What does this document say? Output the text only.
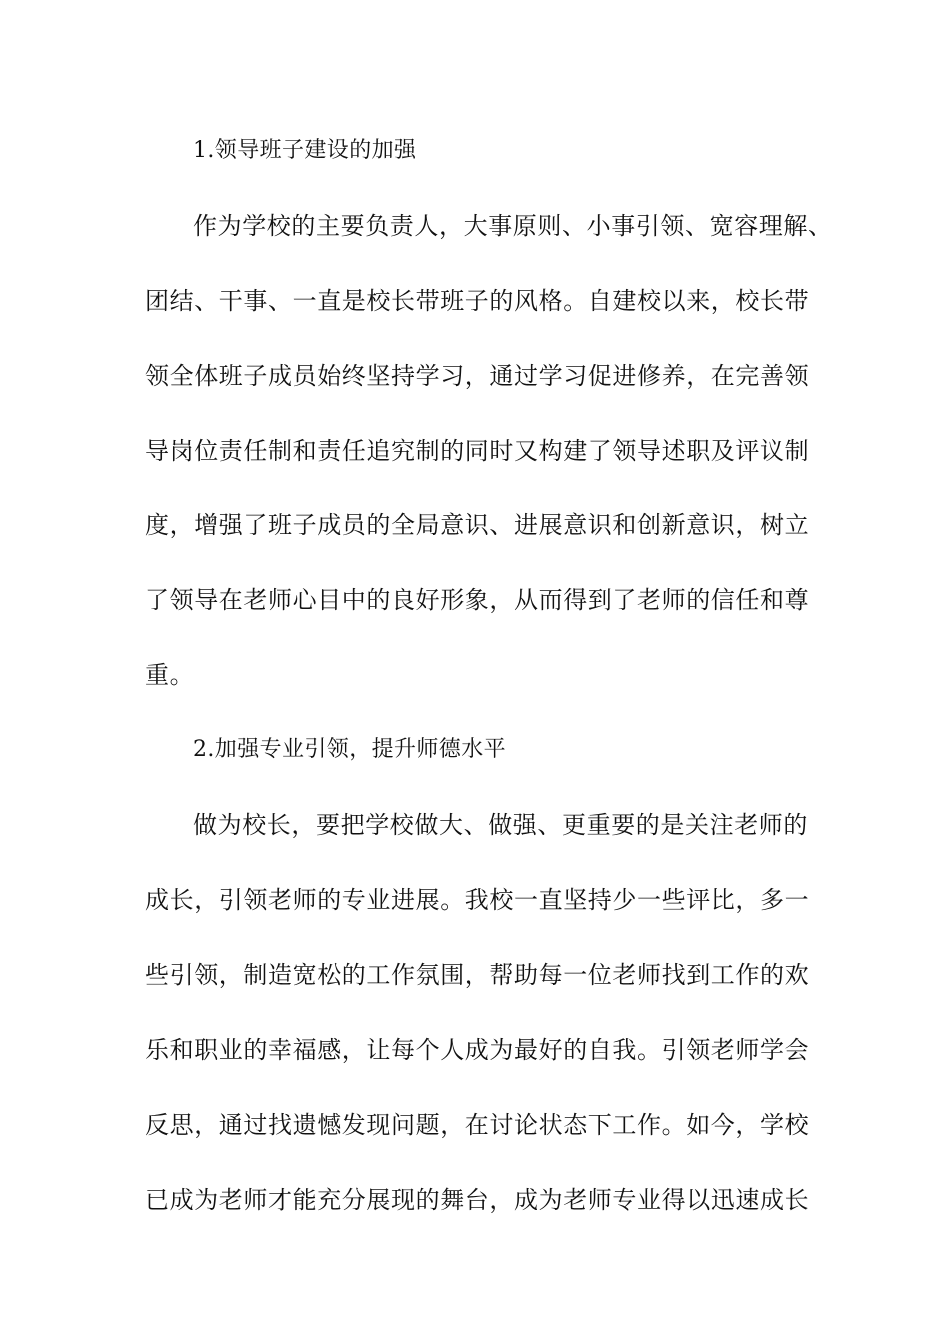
1.领导班子建设的加强
作为学校的主要负责人，大事原则、小事引领、宽容理解、
团结、干事、一直是校长带班子的风格。自建校以来，校长带
领全体班子成员始终坚持学习，通过学习促进修养，在完善领
导岗位责任制和责任追究制的同时又构建了领导述职及评议制
度，增强了班子成员的全局意识、进展意识和创新意识，树立
了领导在老师心目中的良好形象，从而得到了老师的信任和尊
重。
2.加强专业引领，提升师德水平
做为校长，要把学校做大、做强、更重要的是关注老师的
成长，引领老师的专业进展。我校一直坚持少一些评比，多一
些引领，制造宽松的工作氛围，帮助每一位老师找到工作的欢
乐和职业的幸福感，让每个人成为最好的自我。引领老师学会
反思，通过找遗憾发现问题，在讨论状态下工作。如今，学校
已成为老师才能充分展现的舞台，成为老师专业得以迅速成长
